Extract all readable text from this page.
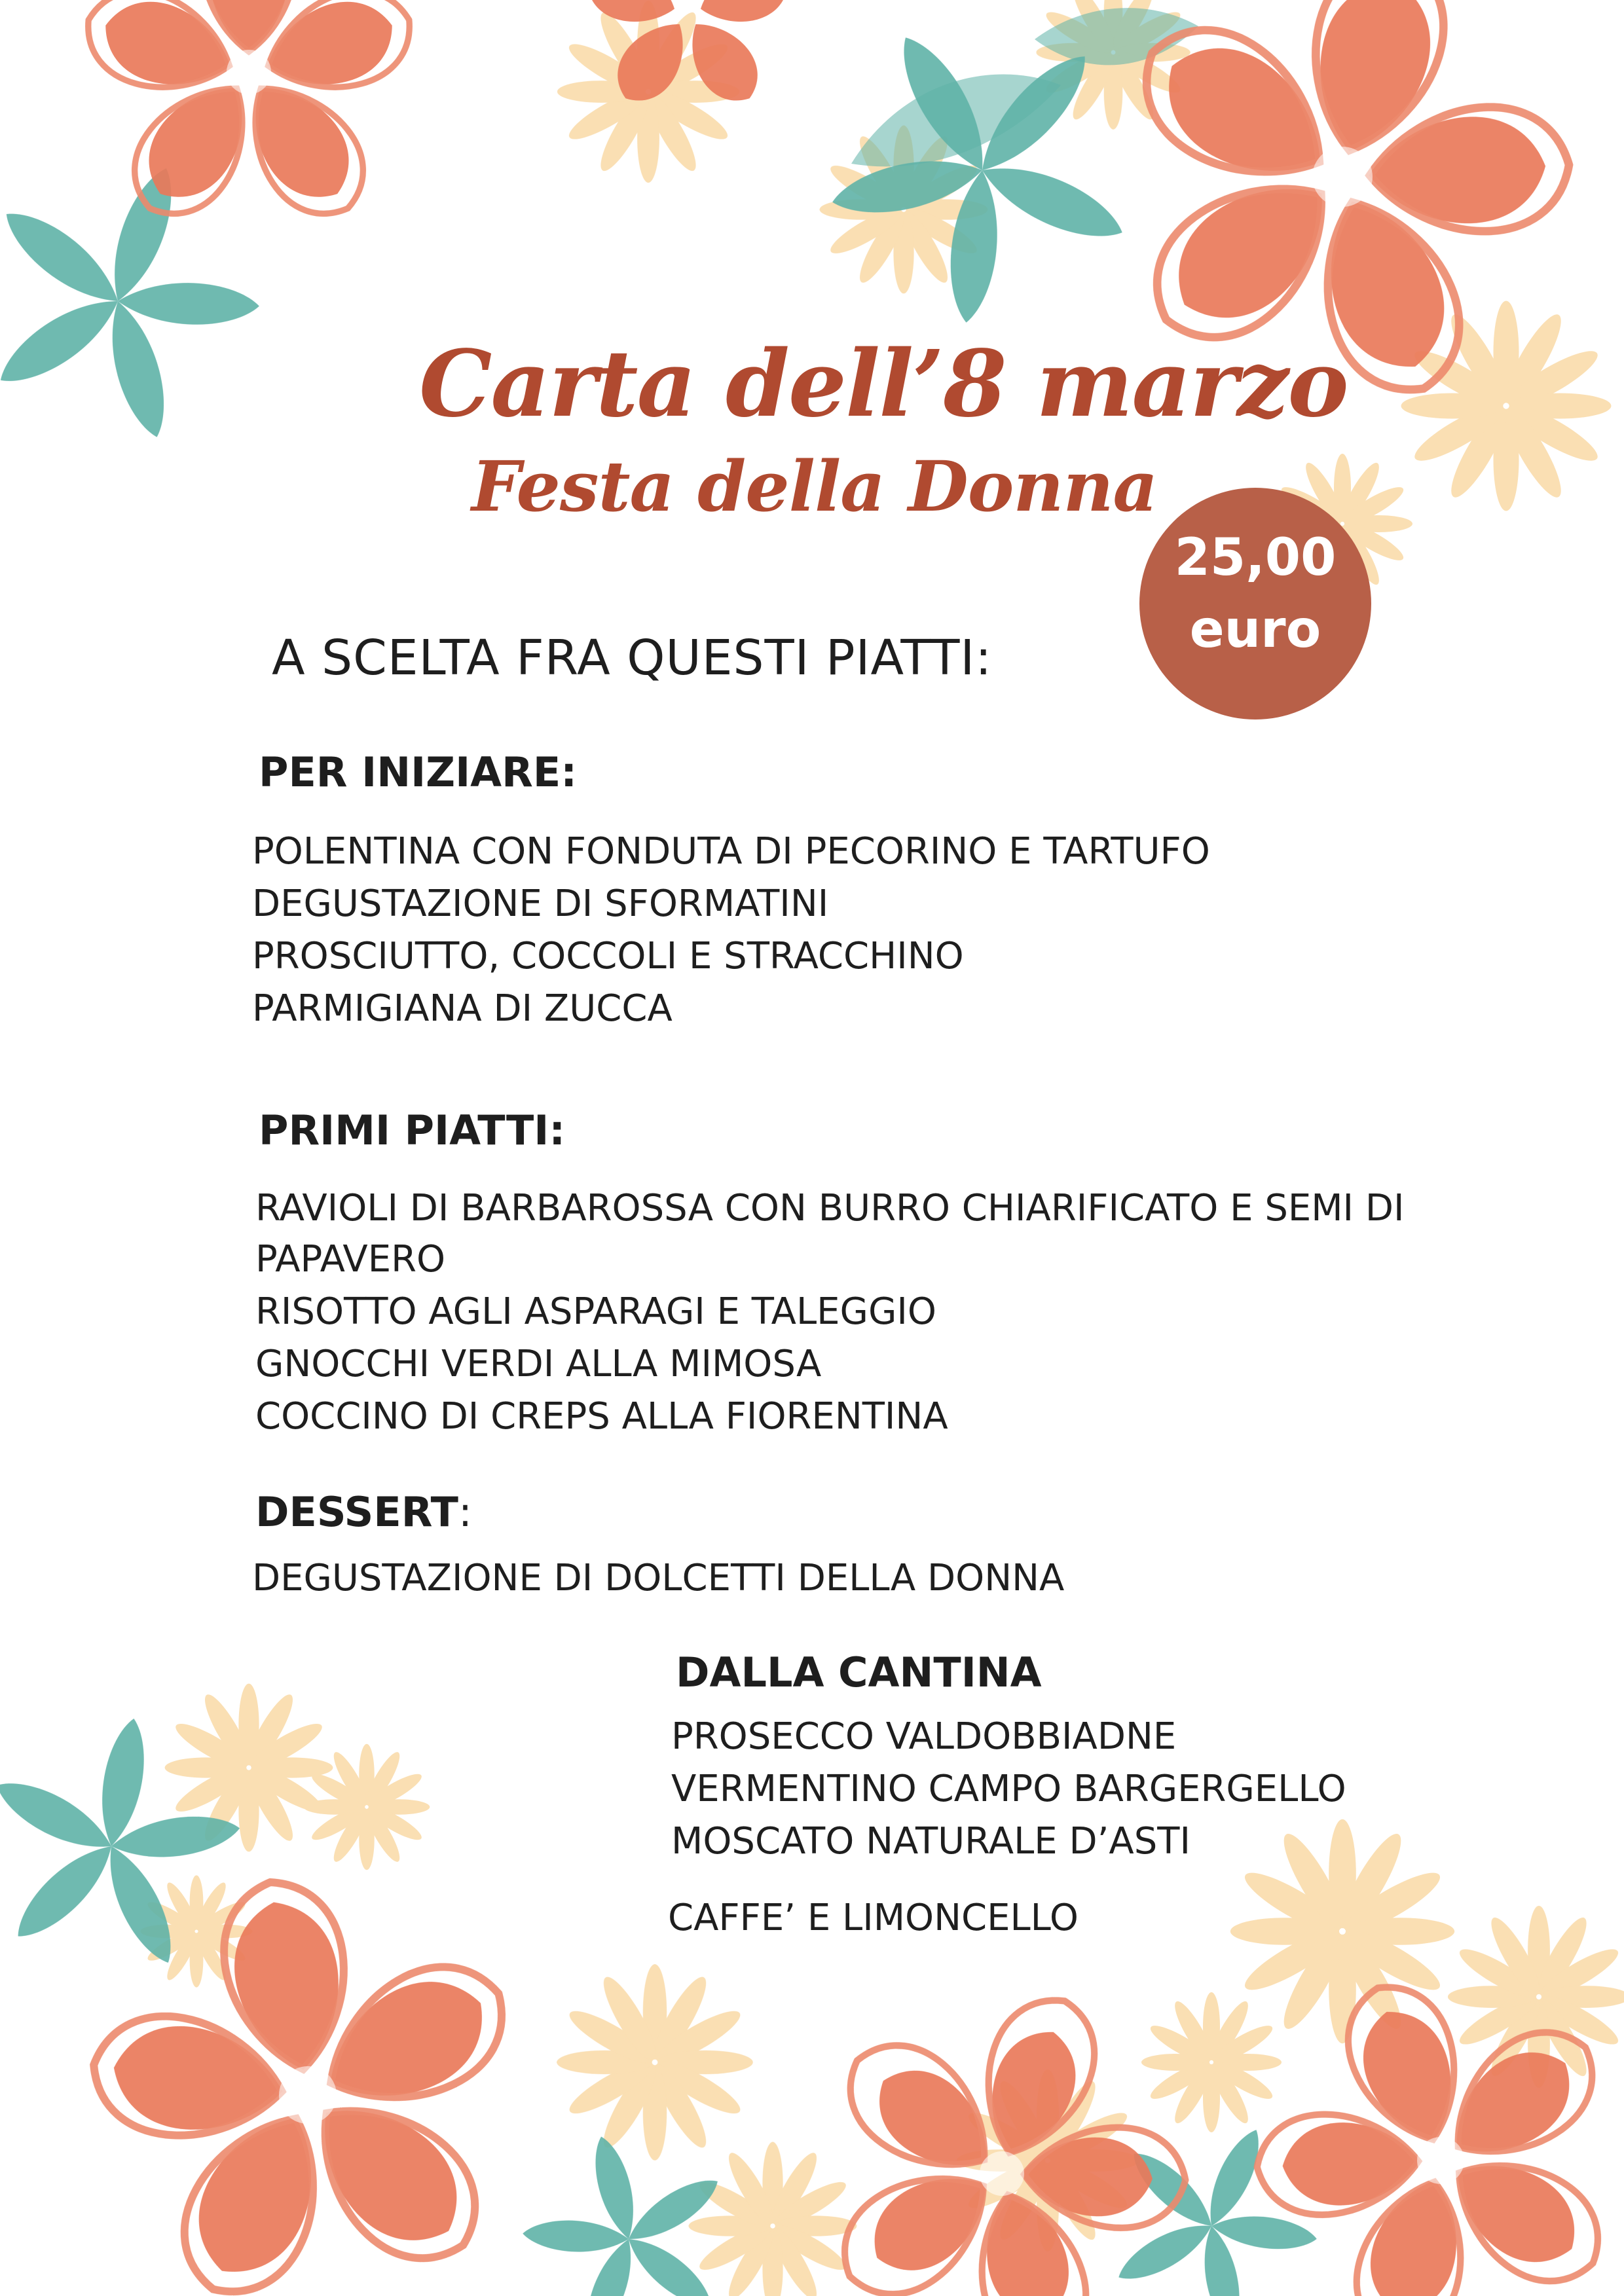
Carta dell’8 marzo
Festa della Donna
25,00
euro
A SCELTA FRA QUESTI PIATTI:
PER INIZIARE:
POLENTINA CON FONDUTA DI PECORINO E TARTUFO
DEGUSTAZIONE DI SFORMATINI
PROSCIUTTO, COCCOLI E STRACCHINO
PARMIGIANA DI ZUCCA
PRIMI PIATTI:
RAVIOLI DI BARBAROSSA CON BURRO CHIARIFICATO E SEMI DI
PAPAVERO
RISOTTO AGLI ASPARAGI E TALEGGIO
GNOCCHI VERDI ALLA MIMOSA
COCCINO DI CREPS ALLA FIORENTINA
DESSERT:
DEGUSTAZIONE DI DOLCETTI DELLA DONNA
DALLA CANTINA
PROSECCO VALDOBBIADNE
VERMENTINO CAMPO BARGERGELLO
MOSCATO NATURALE D’ASTI
CAFFE’ E LIMONCELLO
